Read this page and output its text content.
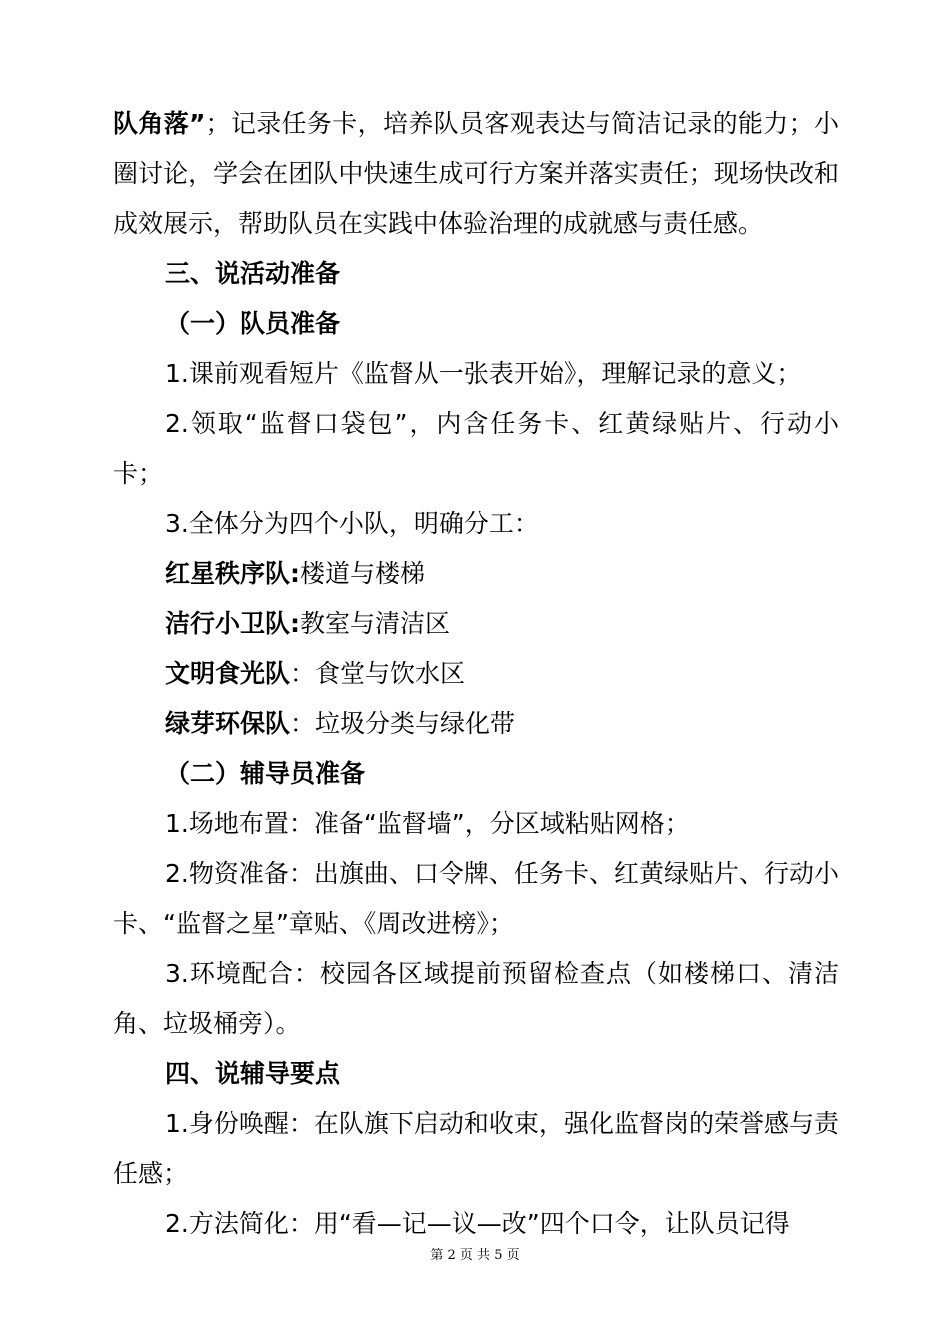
队角落”；记录任务卡，培养队员客观表达与简洁记录的能力；小圈讨论，学会在团队中快速生成可行方案并落实责任；现场快改和成效展示，帮助队员在实践中体验治理的成就感与责任感。

三、说活动准备

（一）队员准备

1.课前观看短片《监督从一张表开始》，理解记录的意义；

2.领取“监督口袋包”，内含任务卡、红黄绿贴片、行动小卡；

3.全体分为四个小队，明确分工：

红星秩序队:楼道与楼梯

洁行小卫队:教室与清洁区

文明食光队：食堂与饮水区

绿芽环保队：垃圾分类与绿化带

（二）辅导员准备

1.场地布置：准备“监督墙”，分区域粘贴网格；

2.物资准备：出旗曲、口令牌、任务卡、红黄绿贴片、行动小卡、“监督之星”章贴、《周改进榜》；

3.环境配合：校园各区域提前预留检查点（如楼梯口、清洁角、垃圾桶旁）。

四、说辅导要点

1.身份唤醒：在队旗下启动和收束，强化监督岗的荣誉感与责任感；

2.方法简化：用“看—记—议—改”四个口令，让队员记得

第 2 页 共 5 页
